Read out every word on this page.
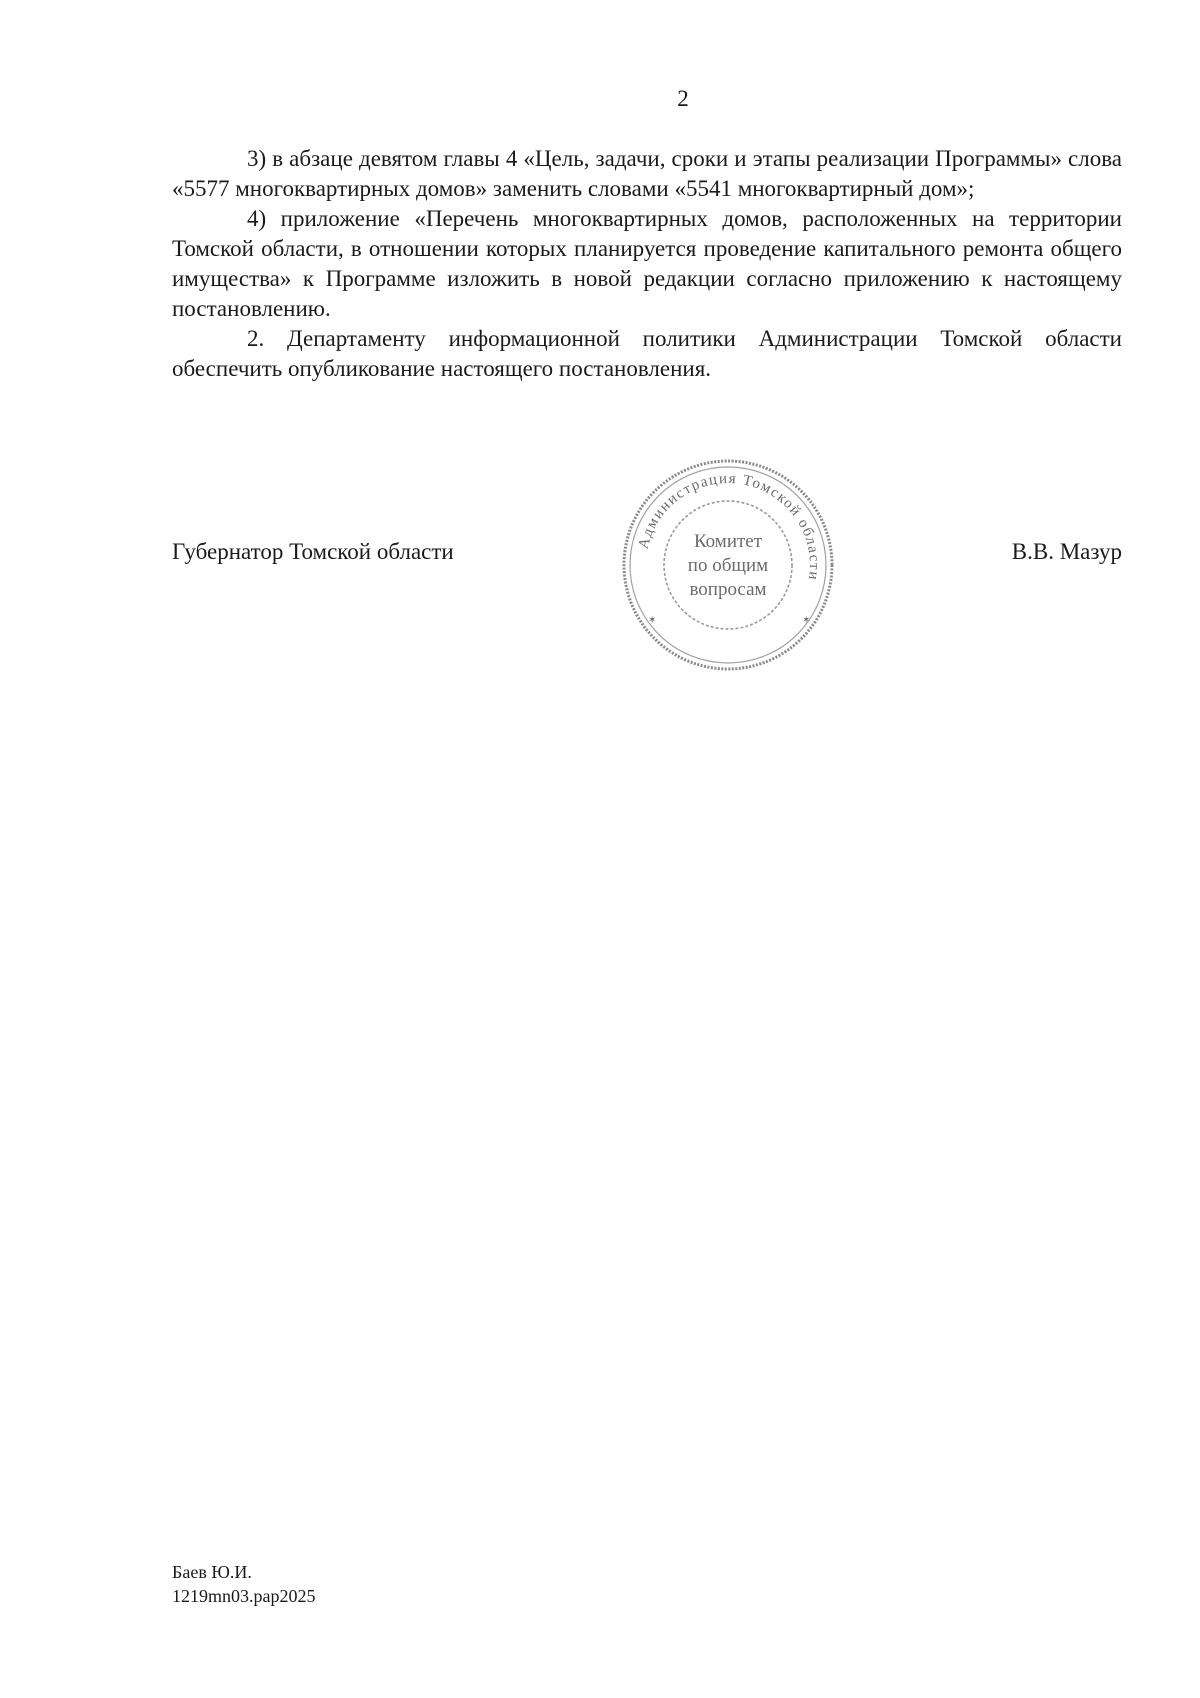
2

3) в абзаце девятом главы 4 «Цель, задачи, сроки и этапы реализации Программы» слова «5577 многоквартирных домов» заменить словами «5541 многоквартирный дом»;

4) приложение «Перечень многоквартирных домов, расположенных на территории Томской области, в отношении которых планируется проведение капитального ремонта общего имущества» к Программе изложить в новой редакции согласно приложению к настоящему постановлению.

2. Департаменту информационной политики Администрации Томской области обеспечить опубликование настоящего постановления.

Губернатор Томской области	В.В. Мазур
Администрация Томской области
Комитет
по общим
вопросам
✶	✶
Баев Ю.И.
1219mn03.pap2025
